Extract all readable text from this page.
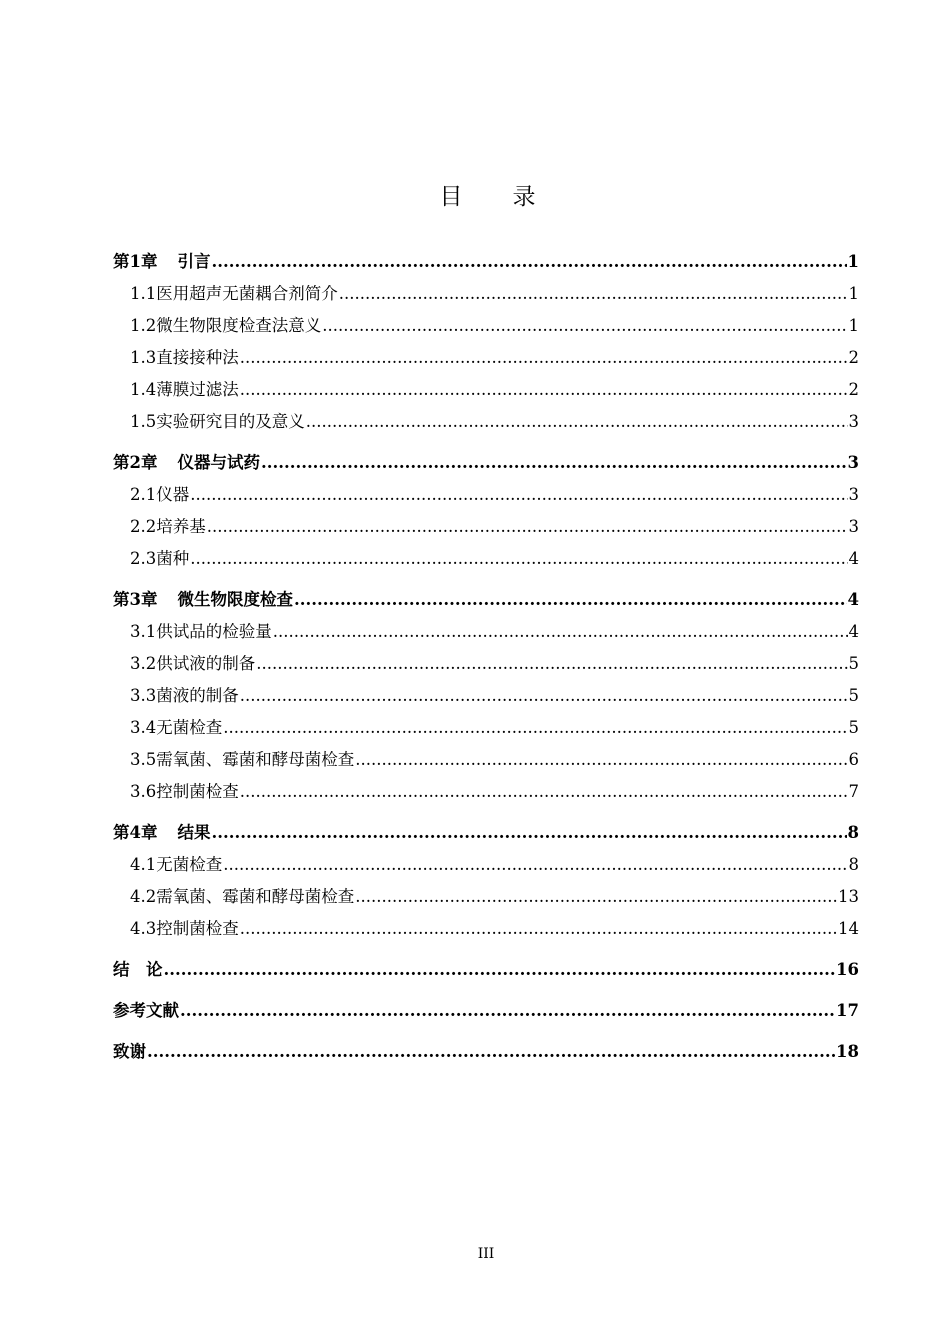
目 录
第1章 引言 .....	1
1.1 医用超声无菌耦合剂简介 .....	1
1.2 微生物限度检查法意义 .....	1
1.3 直接接种法 .....	2
1.4 薄膜过滤法 .....	2
1.5 实验研究目的及意义 .....	3
第2章 仪器与试药 .....	3
2.1 仪器 .....	3
2.2 培养基 .....	3
2.3 菌种 .....	4
第3章 微生物限度检查 .....	4
3.1 供试品的检验量 .....	4
3.2 供试液的制备 .....	5
3.3 菌液的制备 .....	5
3.4 无菌检查 .....	5
3.5 需氧菌、霉菌和酵母菌检查 .....	6
3.6 控制菌检查 .....	7
第4章 结果 .....	8
4.1 无菌检查 .....	8
4.2 需氧菌、霉菌和酵母菌检查 .....	13
4.3 控制菌检查 .....	14
结　论 .....	16
参考文献 .....	17
致谢 .....	18
III
